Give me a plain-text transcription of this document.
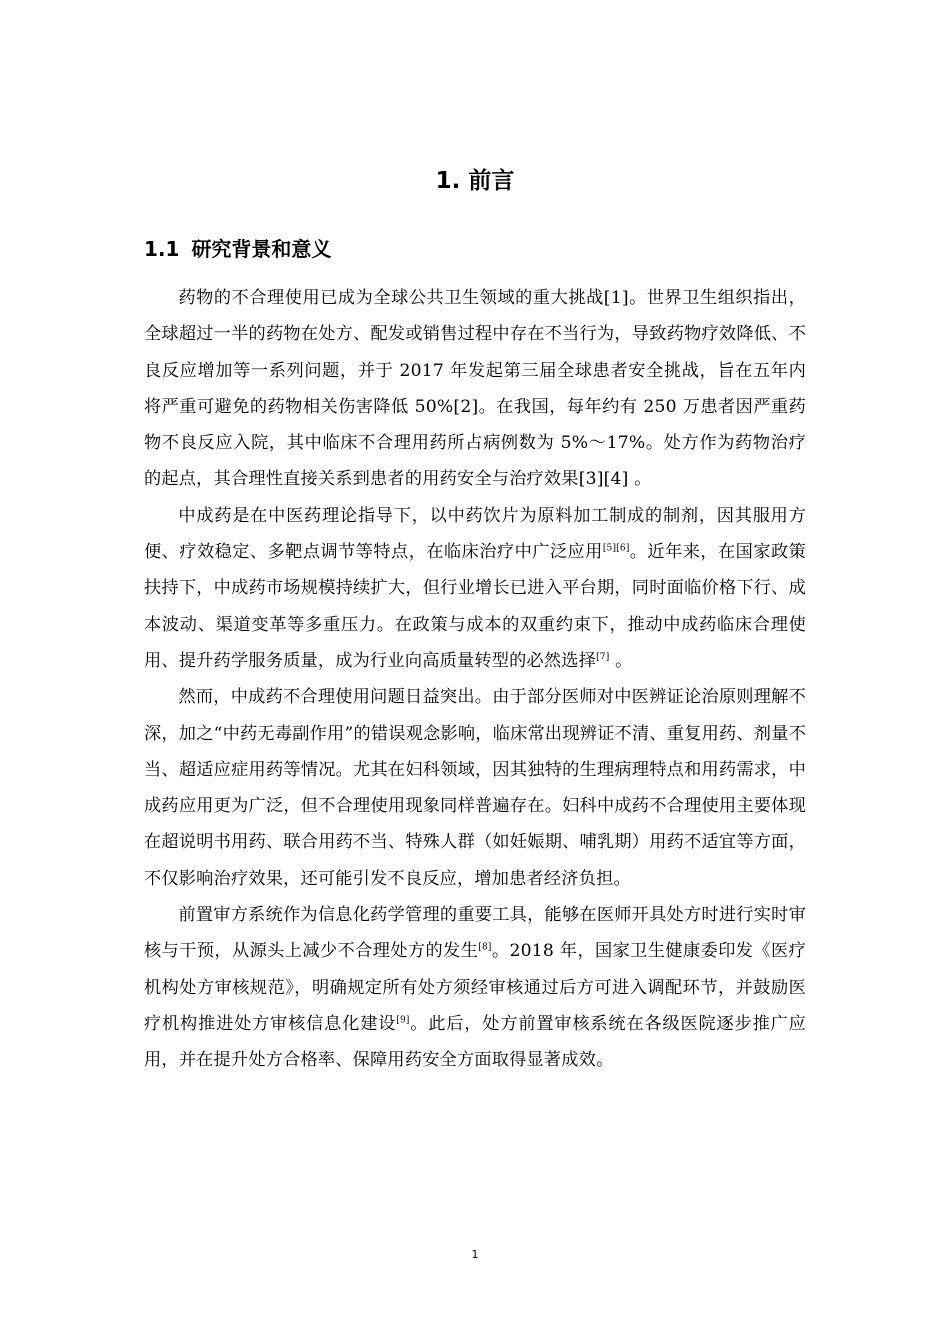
1. 前言
1.1 研究背景和意义

药物的不合理使用已成为全球公共卫生领域的重大挑战[1]。世界卫生组织指出，全球超过一半的药物在处方、配发或销售过程中存在不当行为，导致药物疗效降低、不良反应增加等一系列问题，并于 2017 年发起第三届全球患者安全挑战，旨在五年内将严重可避免的药物相关伤害降低 50%[2]。在我国，每年约有 250 万患者因严重药物不良反应入院，其中临床不合理用药所占病例数为 5%～17%。处方作为药物治疗的起点，其合理性直接关系到患者的用药安全与治疗效果[3][4] 。

中成药是在中医药理论指导下，以中药饮片为原料加工制成的制剂，因其服用方便、疗效稳定、多靶点调节等特点，在临床治疗中广泛应用[5][6]。近年来，在国家政策扶持下，中成药市场规模持续扩大，但行业增长已进入平台期，同时面临价格下行、成本波动、渠道变革等多重压力。在政策与成本的双重约束下，推动中成药临床合理使用、提升药学服务质量，成为行业向高质量转型的必然选择[7] 。

然而，中成药不合理使用问题日益突出。由于部分医师对中医辨证论治原则理解不深，加之“中药无毒副作用”的错误观念影响，临床常出现辨证不清、重复用药、剂量不当、超适应症用药等情况。尤其在妇科领域，因其独特的生理病理特点和用药需求，中成药应用更为广泛，但不合理使用现象同样普遍存在。妇科中成药不合理使用主要体现在超说明书用药、联合用药不当、特殊人群（如妊娠期、哺乳期）用药不适宜等方面，不仅影响治疗效果，还可能引发不良反应，增加患者经济负担。

前置审方系统作为信息化药学管理的重要工具，能够在医师开具处方时进行实时审核与干预，从源头上减少不合理处方的发生[8]。2018 年，国家卫生健康委印发《医疗机构处方审核规范》，明确规定所有处方须经审核通过后方可进入调配环节，并鼓励医疗机构推进处方审核信息化建设[9]。此后，处方前置审核系统在各级医院逐步推广应用，并在提升处方合格率、保障用药安全方面取得显著成效。

1
